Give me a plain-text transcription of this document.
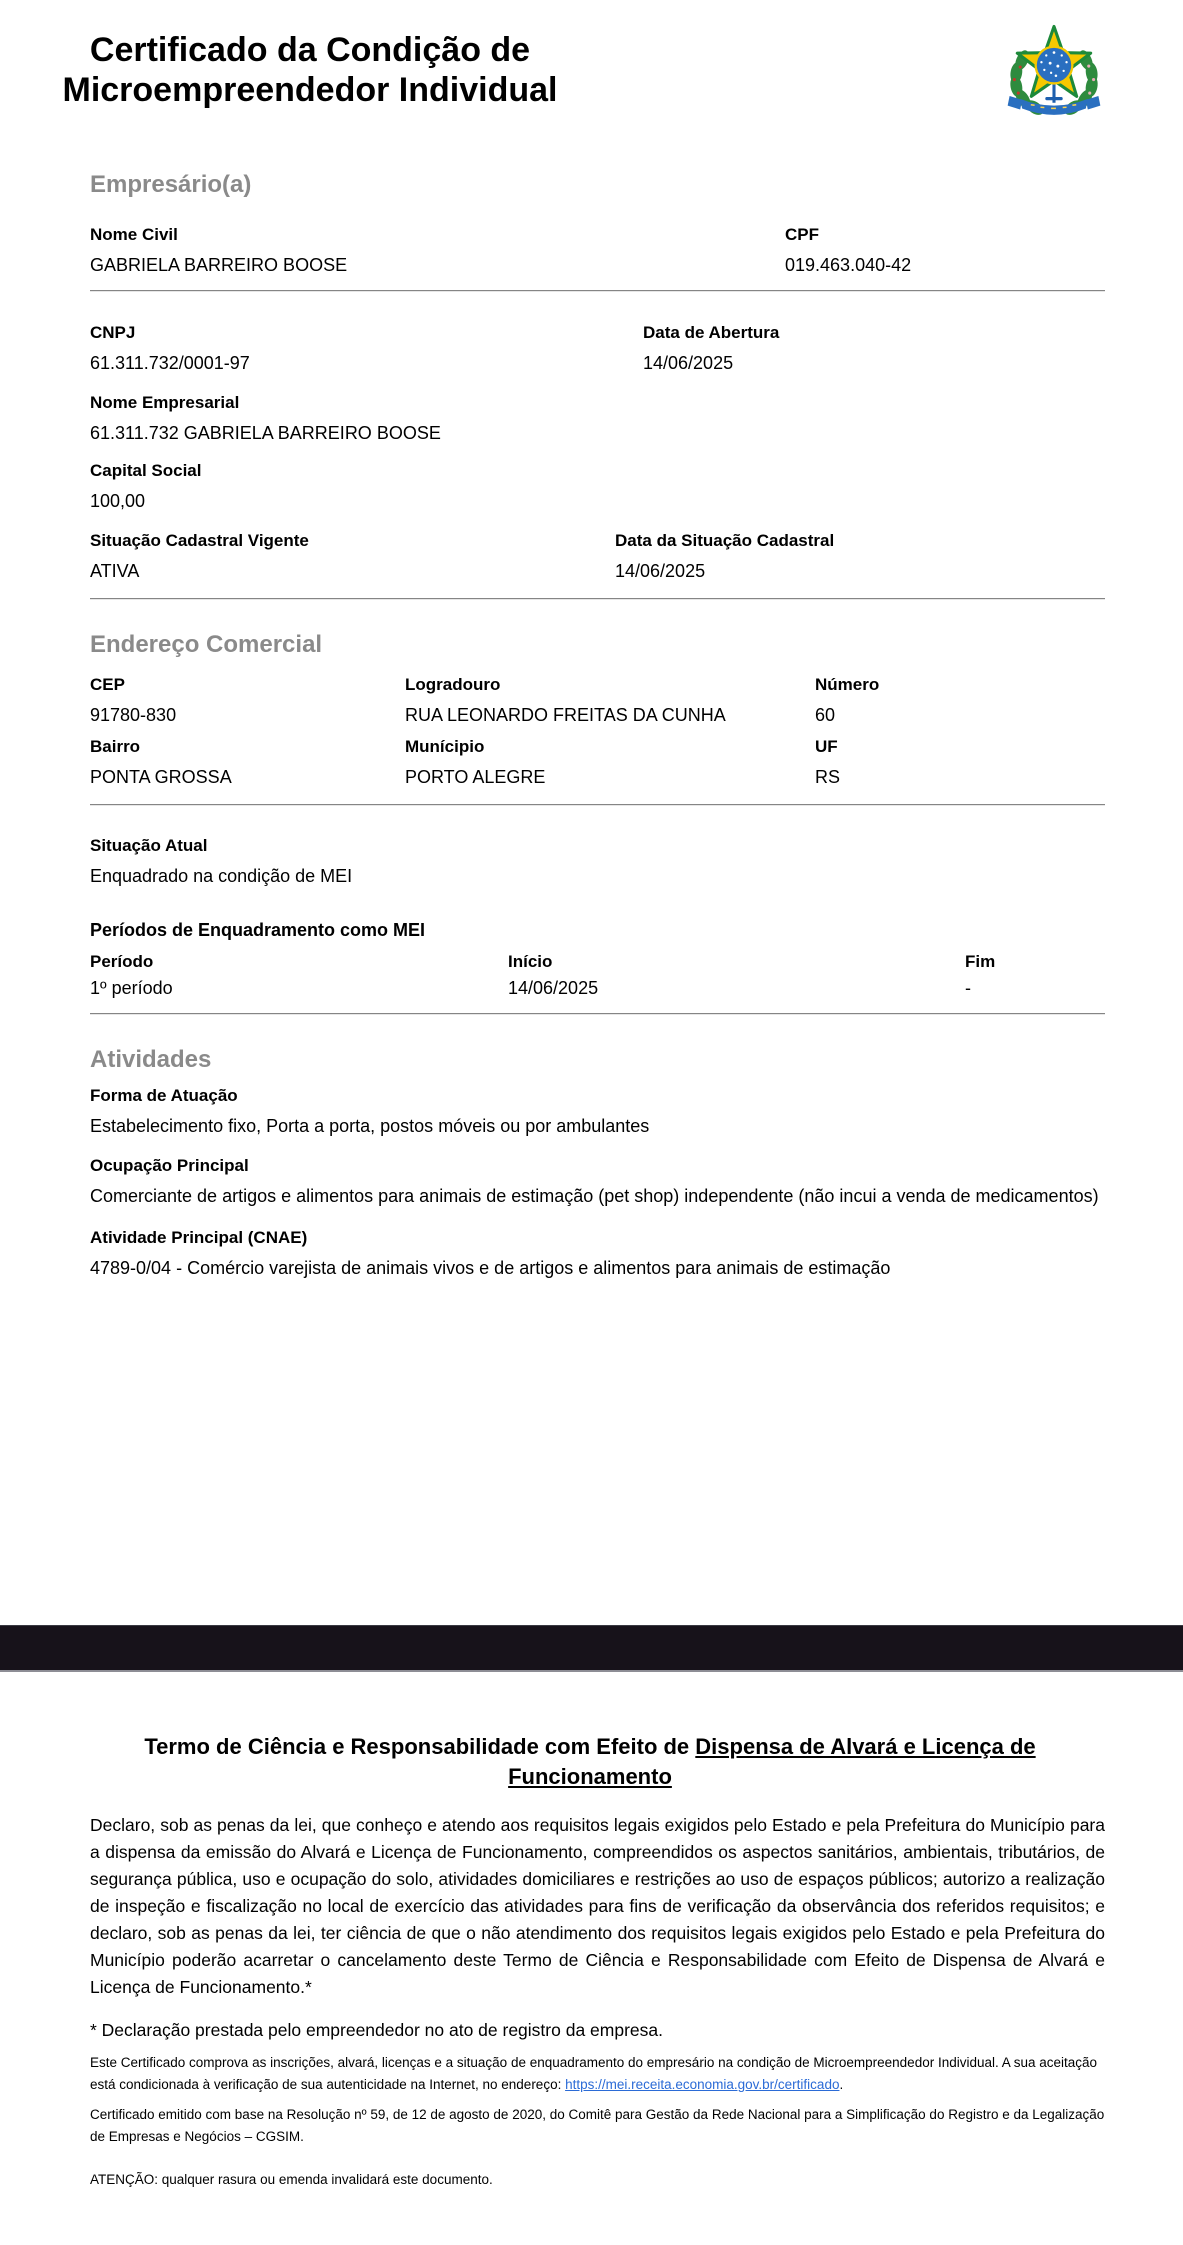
Certificado da Condição de
Microempreendedor Individual
Empresário(a)
Nome Civil
GABRIELA BARREIRO BOOSE
CPF
019.463.040-42
CNPJ
61.311.732/0001-97
Data de Abertura
14/06/2025
Nome Empresarial
61.311.732 GABRIELA BARREIRO BOOSE
Capital Social
100,00
Situação Cadastral Vigente
ATIVA
Data da Situação Cadastral
14/06/2025
Endereço Comercial
CEP
91780-830
Logradouro
RUA LEONARDO FREITAS DA CUNHA
Número
60
Bairro
PONTA GROSSA
Munícipio
PORTO ALEGRE
UF
RS
Situação Atual
Enquadrado na condição de MEI
Períodos de Enquadramento como MEI
Período	Início	Fim
1º período	14/06/2025	-
Atividades
Forma de Atuação
Estabelecimento fixo, Porta a porta, postos móveis ou por ambulantes
Ocupação Principal
Comerciante de artigos e alimentos para animais de estimação (pet shop) independente (não incui a venda de medicamentos)
Atividade Principal (CNAE)
4789-0/04 - Comércio varejista de animais vivos e de artigos e alimentos para animais de estimação
Termo de Ciência e Responsabilidade com Efeito de Dispensa de Alvará e Licença de Funcionamento

Declaro, sob as penas da lei, que conheço e atendo aos requisitos legais exigidos pelo Estado e pela Prefeitura do Município para a dispensa da emissão do Alvará e Licença de Funcionamento, compreendidos os aspectos sanitários, ambientais, tributários, de segurança pública, uso e ocupação do solo, atividades domiciliares e restrições ao uso de espaços públicos; autorizo a realização de inspeção e fiscalização no local de exercício das atividades para fins de verificação da observância dos referidos requisitos; e declaro, sob as penas da lei, ter ciência de que o não atendimento dos requisitos legais exigidos pelo Estado e pela Prefeitura do Município poderão acarretar o cancelamento deste Termo de Ciência e Responsabilidade com Efeito de Dispensa de Alvará e Licença de Funcionamento.*

* Declaração prestada pelo empreendedor no ato de registro da empresa.

Este Certificado comprova as inscrições, alvará, licenças e a situação de enquadramento do empresário na condição de Microempreendedor Individual. A sua aceitação está condicionada à verificação de sua autenticidade na Internet, no endereço: https://mei.receita.economia.gov.br/certificado.

Certificado emitido com base na Resolução nº 59, de 12 de agosto de 2020, do Comitê para Gestão da Rede Nacional para a Simplificação do Registro e da Legalização de Empresas e Negócios – CGSIM.

ATENÇÃO: qualquer rasura ou emenda invalidará este documento.
